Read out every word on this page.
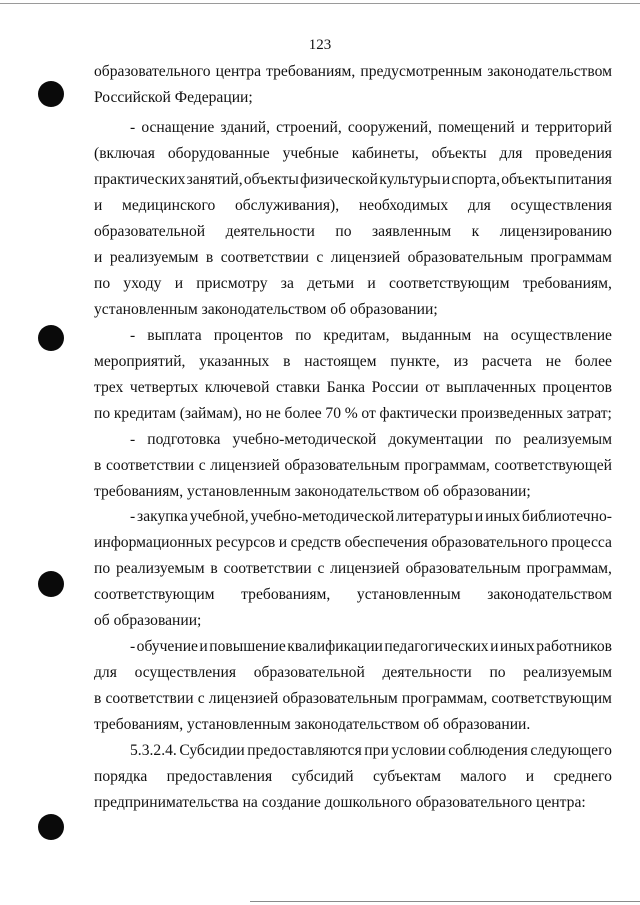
123
образовательного центра требованиям, предусмотренным законодательством
Российской Федерации;
- оснащение зданий, строений, сооружений, помещений и территорий
(включая оборудованные учебные кабинеты, объекты для проведения
практических занятий, объекты физической культуры и спорта, объекты питания
и медицинского обслуживания), необходимых для осуществления
образовательной деятельности по заявленным к лицензированию
и реализуемым в соответствии с лицензией образовательным программам
по уходу и присмотру за детьми и соответствующим требованиям,
установленным законодательством об образовании;
- выплата процентов по кредитам, выданным на осуществление
мероприятий, указанных в настоящем пункте, из расчета не более
трех четвертых ключевой ставки Банка России от выплаченных процентов
по кредитам (займам), но не более 70 % от фактически произведенных затрат;
- подготовка учебно-методической документации по реализуемым
в соответствии с лицензией образовательным программам, соответствующей
требованиям, установленным законодательством об образовании;
- закупка учебной, учебно-методической литературы и иных библиотечно-
информационных ресурсов и средств обеспечения образовательного процесса
по реализуемым в соответствии с лицензией образовательным программам,
соответствующим требованиям, установленным законодательством
об образовании;
- обучение и повышение квалификации педагогических и иных работников
для осуществления образовательной деятельности по реализуемым
в соответствии с лицензией образовательным программам, соответствующим
требованиям, установленным законодательством об образовании.
5.3.2.4. Субсидии предоставляются при условии соблюдения следующего
порядка предоставления субсидий субъектам малого и среднего
предпринимательства на создание дошкольного образовательного центра:
